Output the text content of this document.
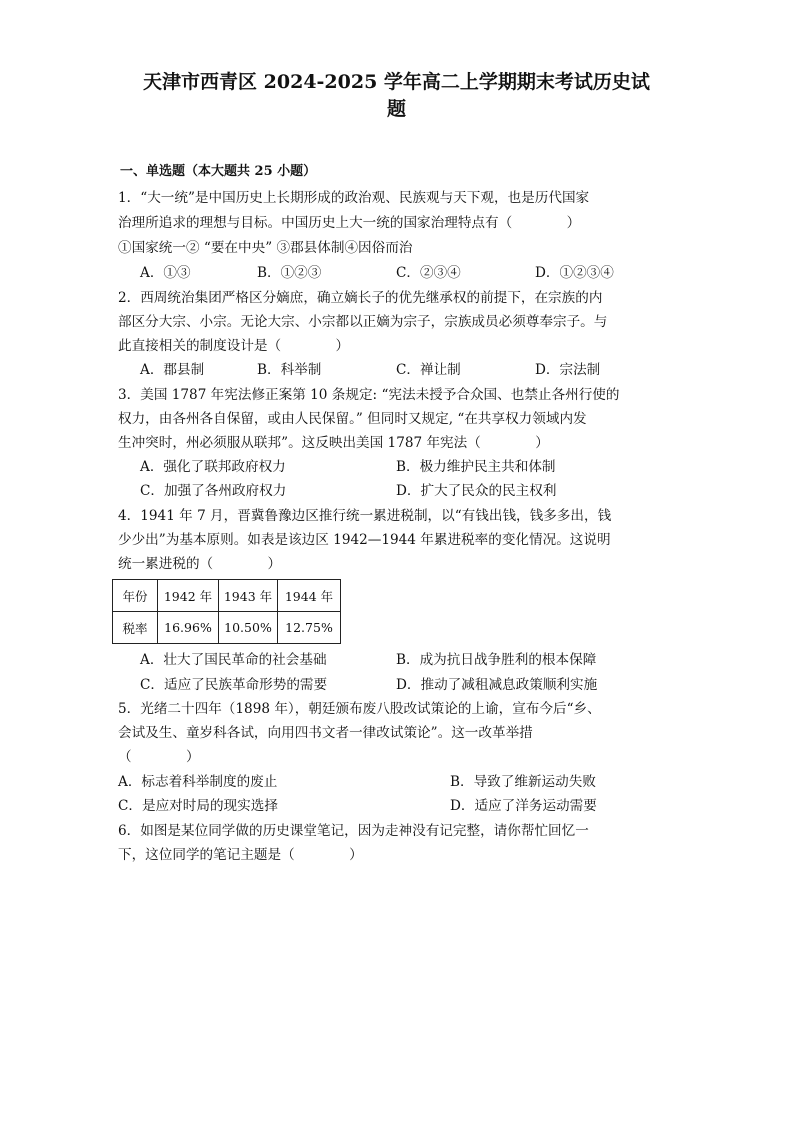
天津市西青区 2024-2025 学年高二上学期期末考试历史试
题
一、单选题（本大题共 25 小题）
1．“大一统”是中国历史上长期形成的政治观、民族观与天下观，也是历代国家
治理所追求的理想与目标。中国历史上大一统的国家治理特点有（　　　　）
①国家统一② “要在中央” ③郡县体制④因俗而治
A．①③	B．①②③	C．②③④	D．①②③④
2．西周统治集团严格区分嫡庶，确立嫡长子的优先继承权的前提下，在宗族的内
部区分大宗、小宗。无论大宗、小宗都以正嫡为宗子，宗族成员必须尊奉宗子。与
此直接相关的制度设计是（　　　　）
A．郡县制	B．科举制	C．禅让制	D．宗法制
3．美国 1787 年宪法修正案第 10 条规定: “宪法未授予合众国、也禁止各州行使的
权力，由各州各自保留，或由人民保留。” 但同时又规定, “在共享权力领域内发
生冲突时，州必须服从联邦”。这反映出美国 1787 年宪法（　　　　）
A．强化了联邦政府权力	B．极力维护民主共和体制
C．加强了各州政府权力	D．扩大了民众的民主权利
4．1941 年 7 月，晋冀鲁豫边区推行统一累进税制，以“有钱出钱，钱多多出，钱
少少出”为基本原则。如表是该边区 1942—1944 年累进税率的变化情况。这说明
统一累进税的（　　　　）
年份	1942 年	1943 年	1944 年
税率	16.96%	10.50%	12.75%
A．壮大了国民革命的社会基础	B．成为抗日战争胜利的根本保障
C．适应了民族革命形势的需要	D．推动了减租减息政策顺利实施
5．光绪二十四年（1898 年），朝廷颁布废八股改试策论的上谕，宣布今后“乡、
会试及生、童岁科各试，向用四书文者一律改试策论”。这一改革举措
（　　　　）
A．标志着科举制度的废止	B．导致了维新运动失败
C．是应对时局的现实选择	D．适应了洋务运动需要
6．如图是某位同学做的历史课堂笔记，因为走神没有记完整，请你帮忙回忆一
下，这位同学的笔记主题是（　　　　）
